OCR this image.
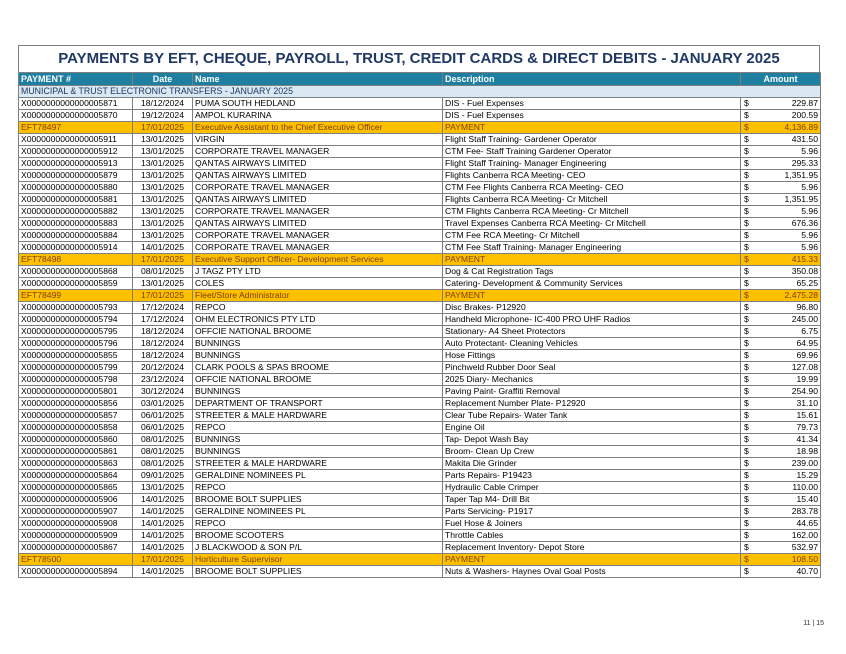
PAYMENTS BY EFT, CHEQUE, PAYROLL, TRUST, CREDIT CARDS & DIRECT DEBITS - JANUARY 2025
PAYMENT #	Date	Name	Description	Amount
MUNICIPAL & TRUST ELECTRONIC TRANSFERS - JANUARY 2025				
X0000000000000005871	18/12/2024	PUMA SOUTH HEDLAND	DIS - Fuel Expenses	$ 229.87
X0000000000000005870	19/12/2024	AMPOL KURARINA	DIS - Fuel Expenses	$ 200.59
EFT78497	17/01/2025	Executive Assistant to the Chief Executive Officer	PAYMENT	$ 4,136.89
X0000000000000005911	13/01/2025	VIRGIN	Flight Staff Training- Gardener Operator	$ 431.50
X0000000000000005912	13/01/2025	CORPORATE TRAVEL MANAGER	CTM Fee- Staff Training Gardener Operator	$ 5.96
X0000000000000005913	13/01/2025	QANTAS AIRWAYS LIMITED	Flight Staff Training- Manager Engineering	$ 295.33
X0000000000000005879	13/01/2025	QANTAS AIRWAYS LIMITED	Flights Canberra RCA Meeting- CEO	$ 1,351.95
X0000000000000005880	13/01/2025	CORPORATE TRAVEL MANAGER	CTM Fee Flights Canberra RCA Meeting- CEO	$ 5.96
X0000000000000005881	13/01/2025	QANTAS AIRWAYS LIMITED	Flights Canberra RCA Meeting- Cr Mitchell	$ 1,351.95
X0000000000000005882	13/01/2025	CORPORATE TRAVEL MANAGER	CTM Flights Canberra RCA Meeting- Cr Mitchell	$ 5.96
X0000000000000005883	13/01/2025	QANTAS AIRWAYS LIMITED	Travel Expenses Canberra RCA Meeting- Cr Mitchell	$ 676.36
X0000000000000005884	13/01/2025	CORPORATE TRAVEL MANAGER	CTM Fee RCA Meeting- Cr Mitchell	$ 5.96
X0000000000000005914	14/01/2025	CORPORATE TRAVEL MANAGER	CTM Fee Staff Training- Manager Engineering	$ 5.96
EFT78498	17/01/2025	Executive Support Officer- Development Services	PAYMENT	$ 415.33
X0000000000000005868	08/01/2025	J TAGZ PTY LTD	Dog & Cat Registration Tags	$ 350.08
X0000000000000005859	13/01/2025	COLES	Catering- Development & Community Services	$ 65.25
EFT78499	17/01/2025	Fleet/Store Administrator	PAYMENT	$ 2,475.28
X0000000000000005793	17/12/2024	REPCO	Disc Brakes- P12920	$ 96.80
X0000000000000005794	17/12/2024	OHM ELECTRONICS PTY LTD	Handheld Microphone- IC-400 PRO UHF Radios	$ 245.00
X0000000000000005795	18/12/2024	OFFCIE NATIONAL BROOME	Stationary- A4 Sheet Protectors	$ 6.75
X0000000000000005796	18/12/2024	BUNNINGS	Auto Protectant- Cleaning Vehicles	$ 64.95
X0000000000000005855	18/12/2024	BUNNINGS	Hose Fittings	$ 69.96
X0000000000000005799	20/12/2024	CLARK POOLS & SPAS BROOME	Pinchweld Rubber Door Seal	$ 127.08
X0000000000000005798	23/12/2024	OFFCIE NATIONAL BROOME	2025 Diary- Mechanics	$ 19.99
X0000000000000005801	30/12/2024	BUNNINGS	Paving Paint- Graffiti Removal	$ 254.90
X0000000000000005856	03/01/2025	DEPARTMENT OF TRANSPORT	Replacement Number Plate- P12920	$ 31.10
X0000000000000005857	06/01/2025	STREETER & MALE HARDWARE	Clear Tube Repairs- Water Tank	$ 15.61
X0000000000000005858	06/01/2025	REPCO	Engine Oil	$ 79.73
X0000000000000005860	08/01/2025	BUNNINGS	Tap- Depot Wash Bay	$ 41.34
X0000000000000005861	08/01/2025	BUNNINGS	Broom- Clean Up Crew	$ 18.98
X0000000000000005863	08/01/2025	STREETER & MALE HARDWARE	Makita Die Grinder	$ 239.00
X0000000000000005864	09/01/2025	GERALDINE NOMINEES PL	Parts Repairs- P19423	$ 15.29
X0000000000000005865	13/01/2025	REPCO	Hydraulic Cable Crimper	$ 110.00
X0000000000000005906	14/01/2025	BROOME BOLT SUPPLIES	Taper Tap M4- Drill Bit	$ 15.40
X0000000000000005907	14/01/2025	GERALDINE NOMINEES PL	Parts Servicing- P1917	$ 283.78
X0000000000000005908	14/01/2025	REPCO	Fuel Hose & Joiners	$ 44.65
X0000000000000005909	14/01/2025	BROOME SCOOTERS	Throttle Cables	$ 162.00
X0000000000000005867	14/01/2025	J BLACKWOOD & SON P/L	Replacement Inventory- Depot Store	$ 532.97
EFT78500	17/01/2025	Horticulture Supervisor	PAYMENT	$ 108.50
X0000000000000005894	14/01/2025	BROOME BOLT SUPPLIES	Nuts & Washers- Haynes Oval Goal Posts	$ 40.70
11 | 15
